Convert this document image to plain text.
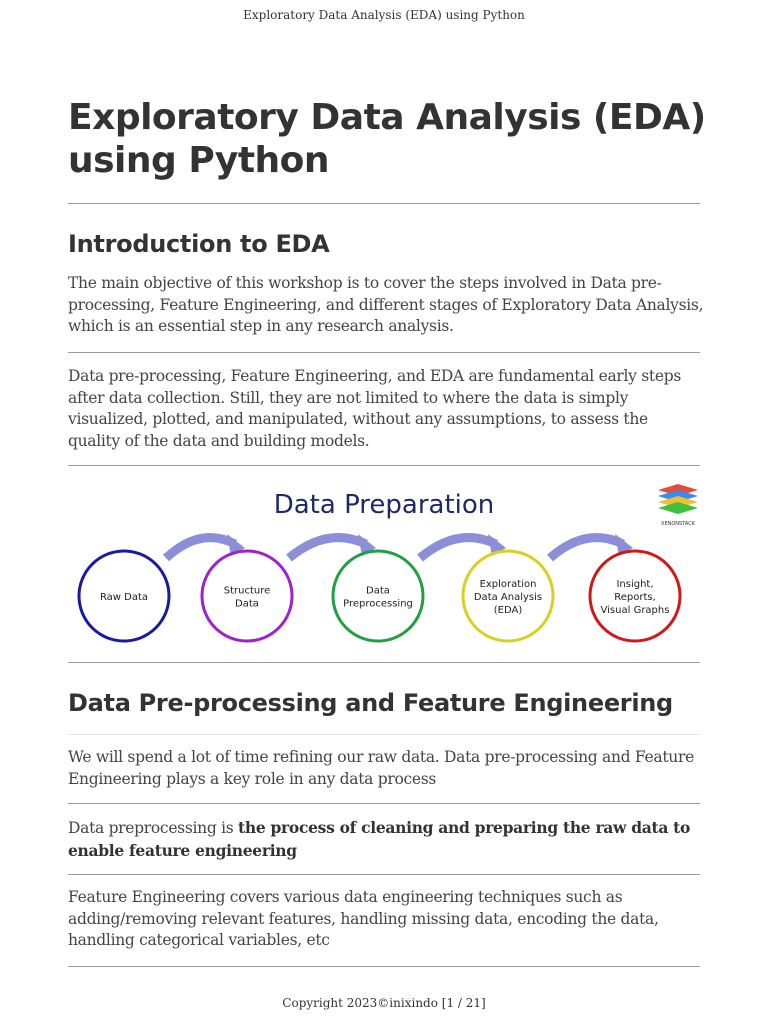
Exploratory Data Analysis (EDA) using Python
Exploratory Data Analysis (EDA) using Python
Introduction to EDA

The main objective of this workshop is to cover the steps involved in Data pre-processing, Feature Engineering, and different stages of Exploratory Data Analysis, which is an essential step in any research analysis.

Data pre-processing, Feature Engineering, and EDA are fundamental early steps after data collection. Still, they are not limited to where the data is simply visualized, plotted, and manipulated, without any assumptions, to assess the quality of the data and building models.

Data Preparation
XENONSTACK
Raw Data
Structure
Data
Data
Preprocessing
Exploration
Data Analysis
(EDA)
Insight,
Reports,
Visual Graphs
Data Pre-processing and Feature Engineering

We will spend a lot of time refining our raw data. Data pre-processing and Feature Engineering plays a key role in any data process

Data preprocessing is the process of cleaning and preparing the raw data to enable feature engineering

Feature Engineering covers various data engineering techniques such as adding/removing relevant features, handling missing data, encoding the data, handling categorical variables, etc

Copyright 2023©inixindo [1 / 21]
